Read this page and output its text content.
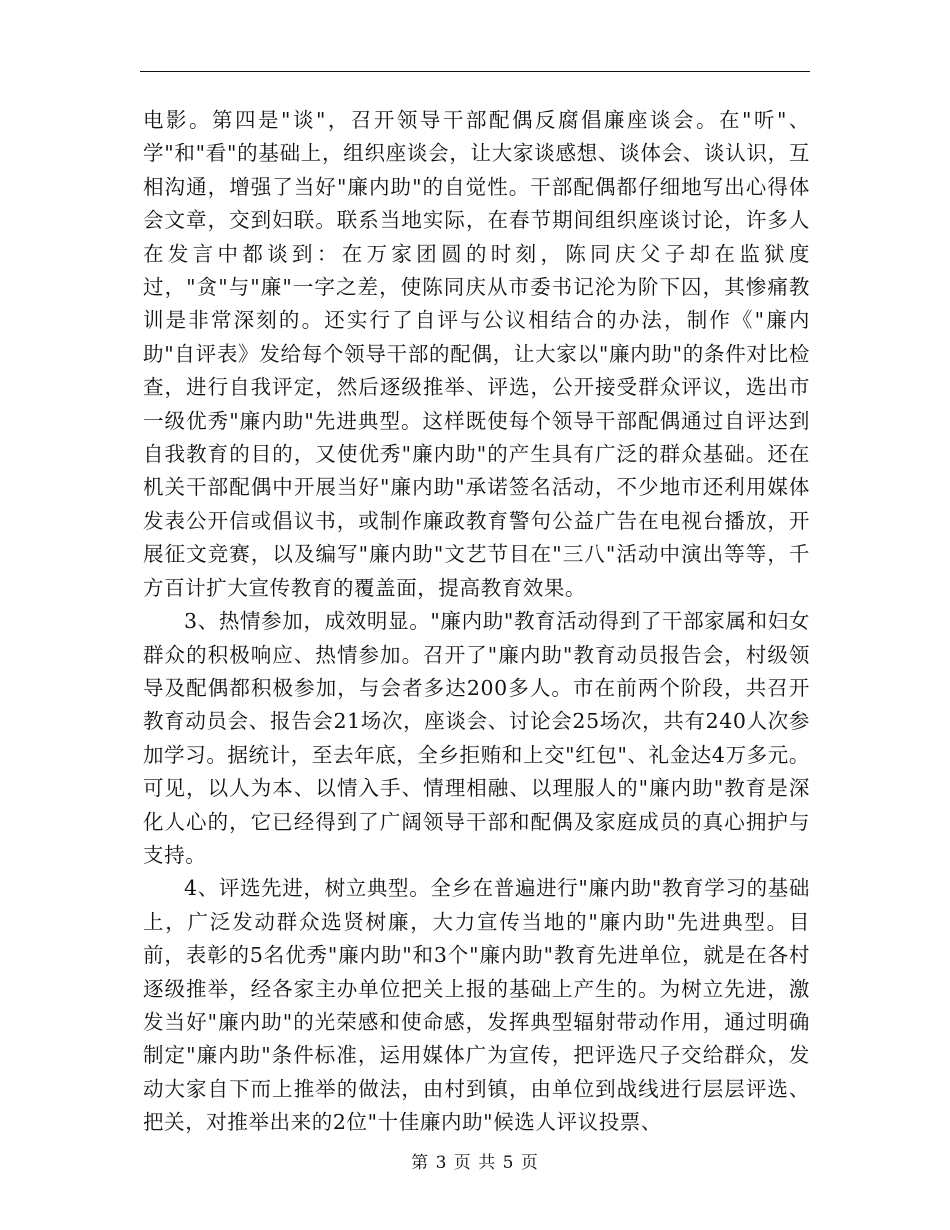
电影。第四是"谈"，召开领导干部配偶反腐倡廉座谈会。在"听"、学"和"看"的基础上，组织座谈会，让大家谈感想、谈体会、谈认识，互相沟通，增强了当好"廉内助"的自觉性。干部配偶都仔细地写出心得体会文章，交到妇联。联系当地实际，在春节期间组织座谈讨论，许多人在发言中都谈到：在万家团圆的时刻，陈同庆父子却在监狱度过，"贪"与"廉"一字之差，使陈同庆从市委书记沦为阶下囚，其惨痛教训是非常深刻的。还实行了自评与公议相结合的办法，制作《"廉内助"自评表》发给每个领导干部的配偶，让大家以"廉内助"的条件对比检查，进行自我评定，然后逐级推举、评选，公开接受群众评议，选出市一级优秀"廉内助"先进典型。这样既使每个领导干部配偶通过自评达到自我教育的目的，又使优秀"廉内助"的产生具有广泛的群众基础。还在机关干部配偶中开展当好"廉内助"承诺签名活动，不少地市还利用媒体发表公开信或倡议书，或制作廉政教育警句公益广告在电视台播放，开展征文竞赛，以及编写"廉内助"文艺节目在"三八"活动中演出等等，千方百计扩大宣传教育的覆盖面，提高教育效果。

3、热情参加，成效明显。"廉内助"教育活动得到了干部家属和妇女群众的积极响应、热情参加。召开了"廉内助"教育动员报告会，村级领导及配偶都积极参加，与会者多达200多人。市在前两个阶段，共召开教育动员会、报告会21场次，座谈会、讨论会25场次，共有240人次参加学习。据统计，至去年底，全乡拒贿和上交"红包"、礼金达4万多元。可见，以人为本、以情入手、情理相融、以理服人的"廉内助"教育是深化人心的，它已经得到了广阔领导干部和配偶及家庭成员的真心拥护与支持。

4、评选先进，树立典型。全乡在普遍进行"廉内助"教育学习的基础上，广泛发动群众选贤树廉，大力宣传当地的"廉内助"先进典型。目前，表彰的5名优秀"廉内助"和3个"廉内助"教育先进单位，就是在各村逐级推举，经各家主办单位把关上报的基础上产生的。为树立先进，激发当好"廉内助"的光荣感和使命感，发挥典型辐射带动作用，通过明确制定"廉内助"条件标准，运用媒体广为宣传，把评选尺子交给群众，发动大家自下而上推举的做法，由村到镇，由单位到战线进行层层评选、把关，对推举出来的2位"十佳廉内助"候选人评议投票、

第 3 页 共 5 页
